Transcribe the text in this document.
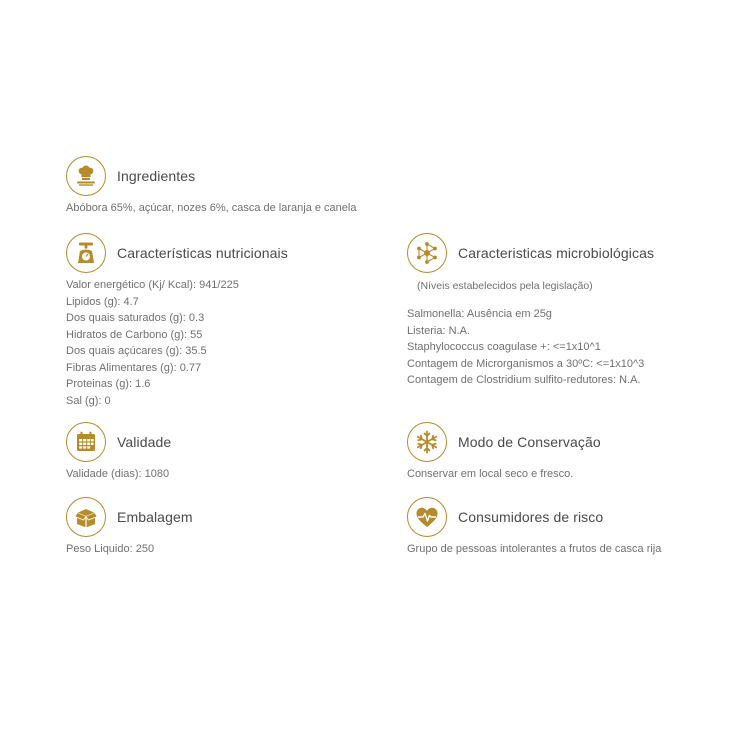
Ingredientes
Abóbora 65%, açúcar, nozes 6%, casca de laranja e canela
Características nutricionais
Valor energético (Kj/ Kcal): 941/225
Lipidos (g): 4.7
Dos quais saturados (g): 0.3
Hidratos de Carbono (g): 55
Dos quais açúcares (g): 35.5
Fibras Alimentares (g): 0.77
Proteinas (g): 1.6
Sal (g): 0
Caracteristicas microbiológicas
(Níveis estabelecidos pela legislação)
Salmonella: Ausência em 25g
Listeria: N.A.
Staphylococcus coagulase +: <=1x10^1
Contagem de Microrganismos a 30ºC: <=1x10^3
Contagem de Clostridium sulfito-redutores: N.A.
Validade
Validade (dias): 1080
Modo de Conservação
Conservar em local seco e fresco.
Embalagem
Peso Liquido: 250
Consumidores de risco
Grupo de pessoas intolerantes a frutos de casca rija
